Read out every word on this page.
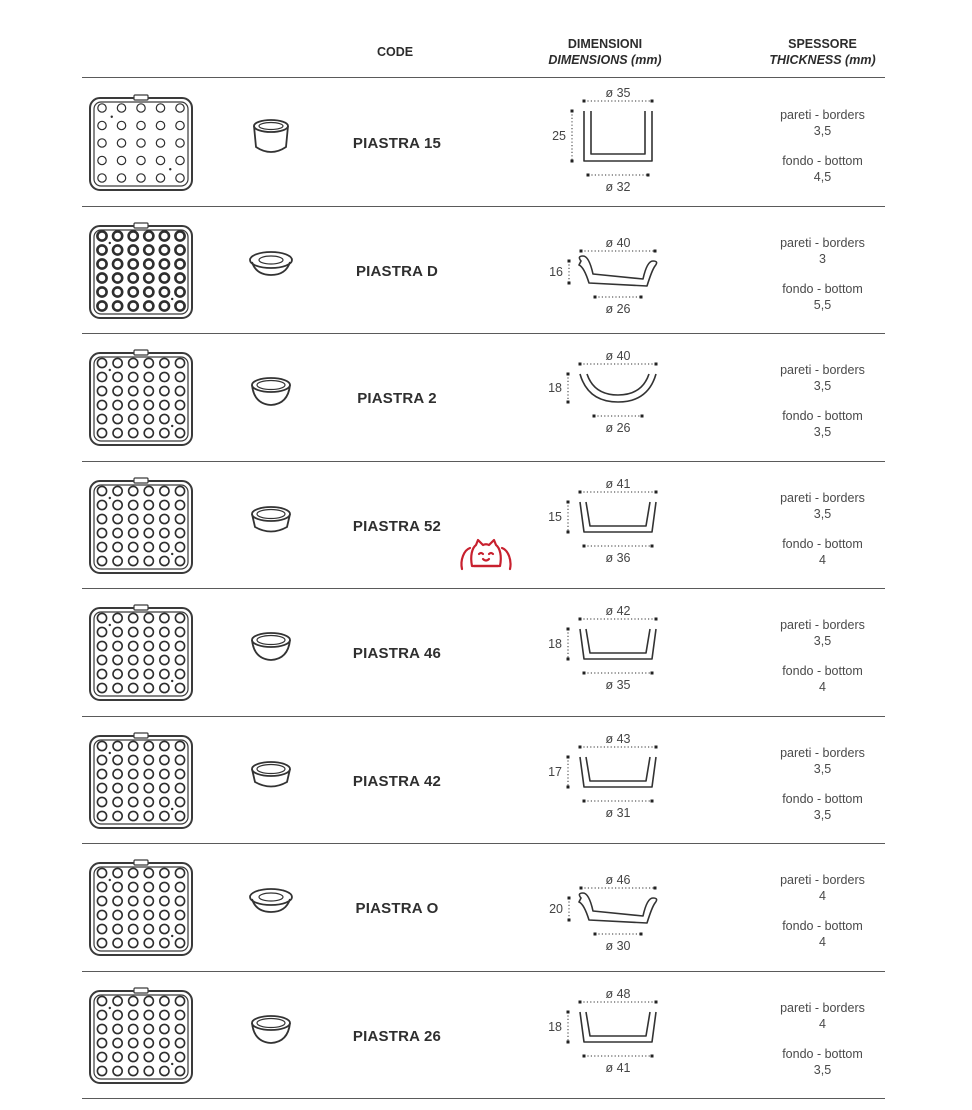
CODE
DIMENSIONI
DIMENSIONS (mm)
SPESSORE
THICKNESS (mm)
PIASTRA 15
ø 35
ø 32
25
pareti - borders
3,5
fondo - bottom
4,5
PIASTRA D
ø 40
ø 26
16
pareti - borders
3
fondo - bottom
5,5
PIASTRA 2
ø 40
ø 26
18
pareti - borders
3,5
fondo - bottom
3,5
PIASTRA 52
ø 41
ø 36
15
pareti - borders
3,5
fondo - bottom
4
PIASTRA 46
ø 42
ø 35
18
pareti - borders
3,5
fondo - bottom
4
PIASTRA 42
ø 43
ø 31
17
pareti - borders
3,5
fondo - bottom
3,5
PIASTRA O
ø 46
ø 30
20
pareti - borders
4
fondo - bottom
4
PIASTRA 26
ø 48
ø 41
18
pareti - borders
4
fondo - bottom
3,5
